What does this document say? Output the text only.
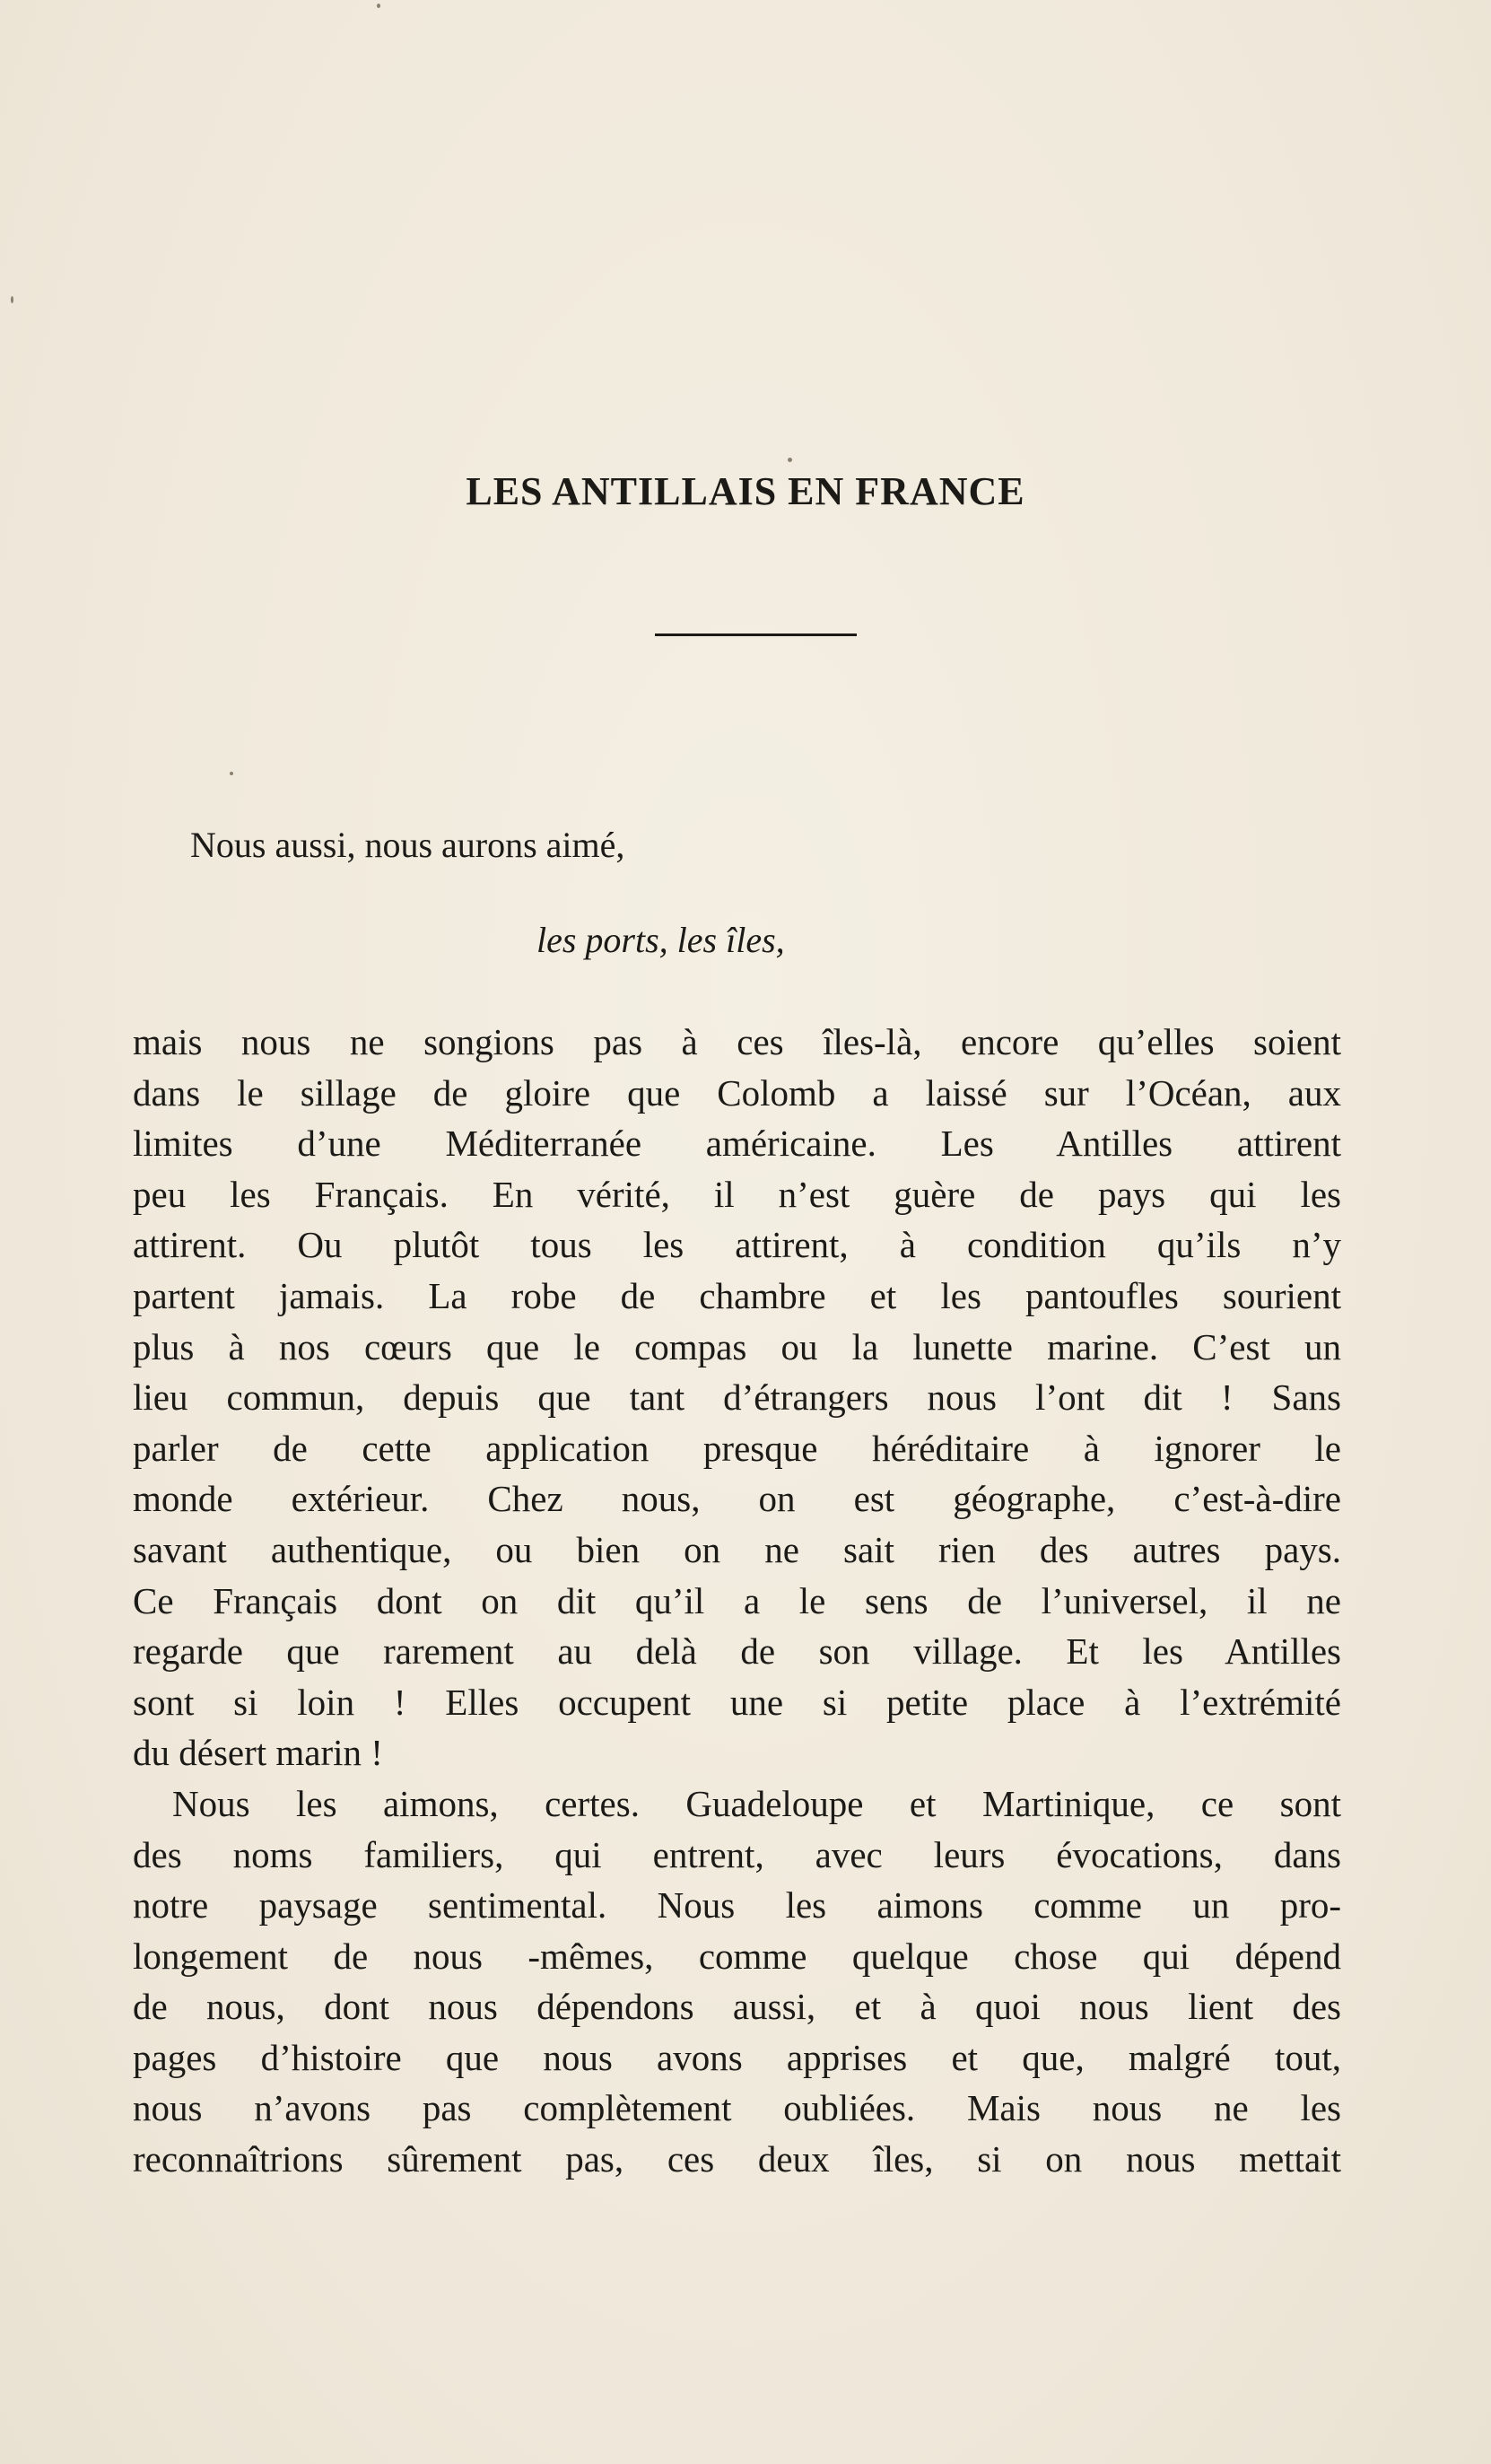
LES ANTILLAIS EN FRANCE

Nous aussi, nous aurons aimé,

les ports, les îles,

mais nous ne songions pas à ces îles-là, encore qu’elles soient
dans le sillage de gloire que Colomb a laissé sur l’Océan, aux
limites d’une Méditerranée américaine. Les Antilles attirent
peu les Français. En vérité, il n’est guère de pays qui les
attirent. Ou plutôt tous les attirent, à condition qu’ils n’y
partent jamais. La robe de chambre et les pantoufles sourient
plus à nos cœurs que le compas ou la lunette marine. C’est un
lieu commun, depuis que tant d’étrangers nous l’ont dit ! Sans
parler de cette application presque héréditaire à ignorer le
monde extérieur. Chez nous, on est géographe, c’est-à-dire
savant authentique, ou bien on ne sait rien des autres pays.
Ce Français dont on dit qu’il a le sens de l’universel, il ne
regarde que rarement au delà de son village. Et les Antilles
sont si loin ! Elles occupent une si petite place à l’extrémité
du désert marin !
Nous les aimons, certes. Guadeloupe et Martinique, ce sont
des noms familiers, qui entrent, avec leurs évocations, dans
notre paysage sentimental. Nous les aimons comme un pro-
longement de nous -mêmes, comme quelque chose qui dépend
de nous, dont nous dépendons aussi, et à quoi nous lient des
pages d’histoire que nous avons apprises et que, malgré tout,
nous n’avons pas complètement oubliées. Mais nous ne les
reconnaîtrions sûrement pas, ces deux îles, si on nous mettait
